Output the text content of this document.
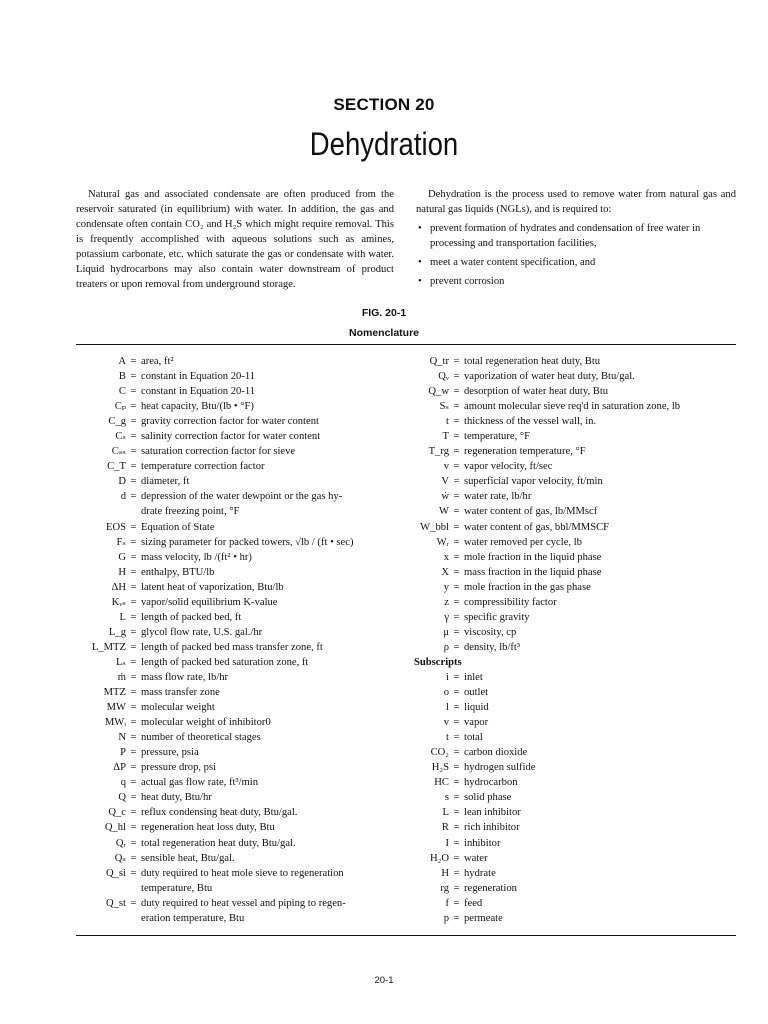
SECTION 20
Dehydration

Natural gas and associated condensate are often produced from the reservoir saturated (in equilibrium) with water. In addition, the gas and condensate often contain CO₂ and H₂S which might require removal. This is frequently accomplished with aqueous solutions such as amines, potassium carbonate, etc. which saturate the gas or condensate with water. Liquid hydrocarbons may also contain water downstream of product treaters or upon removal from underground storage.

Dehydration is the process used to remove water from natural gas and natural gas liquids (NGLs), and is required to:

• prevent formation of hydrates and condensation of free water in processing and transportation facilities,
• meet a water content specification, and
• prevent corrosion
FIG. 20-1
Nomenclature
A = area, ft²
B = constant in Equation 20-11
C = constant in Equation 20-11
Cₚ = heat capacity, Btu/(lb • °F)
C_g = gravity correction factor for water content
Cₛ = salinity correction factor for water content
Cₛₛ = saturation correction factor for sieve
C_T = temperature correction factor
D = diameter, ft
d = depression of the water dewpoint or the gas hy-
drate freezing point, °F
EOS = Equation of State
Fₛ = sizing parameter for packed towers, √lb / (ft • sec)
G = mass velocity, lb /(ft² • hr)
H = enthalpy, BTU/lb
ΔH = latent heat of vaporization, Btu/lb
Kᵥₛ = vapor/solid equilibrium K-value
L = length of packed bed, ft
L_g = glycol flow rate, U.S. gal./hr
L_MTZ = length of packed bed mass transfer zone, ft
Lₛ = length of packed bed saturation zone, ft
ṁ = mass flow rate, lb/hr
MTZ = mass transfer zone
MW = molecular weight
MWᵢ = molecular weight of inhibitor0
N = number of theoretical stages
P = pressure, psia
ΔP = pressure drop, psi
q = actual gas flow rate, ft³/min
Q = heat duty, Btu/hr
Q_c = reflux condensing heat duty, Btu/gal.
Q_hl = regeneration heat loss duty, Btu
Qᵣ = total regeneration heat duty, Btu/gal.
Qₛ = sensible heat, Btu/gal.
Q_si = duty required to heat mole sieve to regeneration
temperature, Btu
Q_st = duty required to heat vessel and piping to regen-
eration temperature, Btu
Q_tr = total regeneration heat duty, Btu
Qᵥ = vaporization of water heat duty, Btu/gal.
Q_w = desorption of water heat duty, Btu
Sₛ = amount molecular sieve req'd in saturation zone, lb
t = thickness of the vessel wall, in.
T = temperature, °F
T_rg = regeneration temperature, °F
v = vapor velocity, ft/sec
V = superficial vapor velocity, ft/min
ẇ = water rate, lb/hr
W = water content of gas, lb/MMscf
W_bbl = water content of gas, bbl/MMSCF
Wᵣ = water removed per cycle, lb
x = mole fraction in the liquid phase
X = mass fraction in the liquid phase
y = mole fraction in the gas phase
z = compressibility factor
γ = specific gravity
μ = viscosity, cp
ρ = density, lb/ft³
Subscripts
i = inlet
o = outlet
l = liquid
v = vapor
t = total
CO₂ = carbon dioxide
H₂S = hydrogen sulfide
HC = hydrocarbon
s = solid phase
L = lean inhibitor
R = rich inhibitor
I = inhibitor
H₂O = water
H = hydrate
rg = regeneration
f = feed
p = permeate
20-1
